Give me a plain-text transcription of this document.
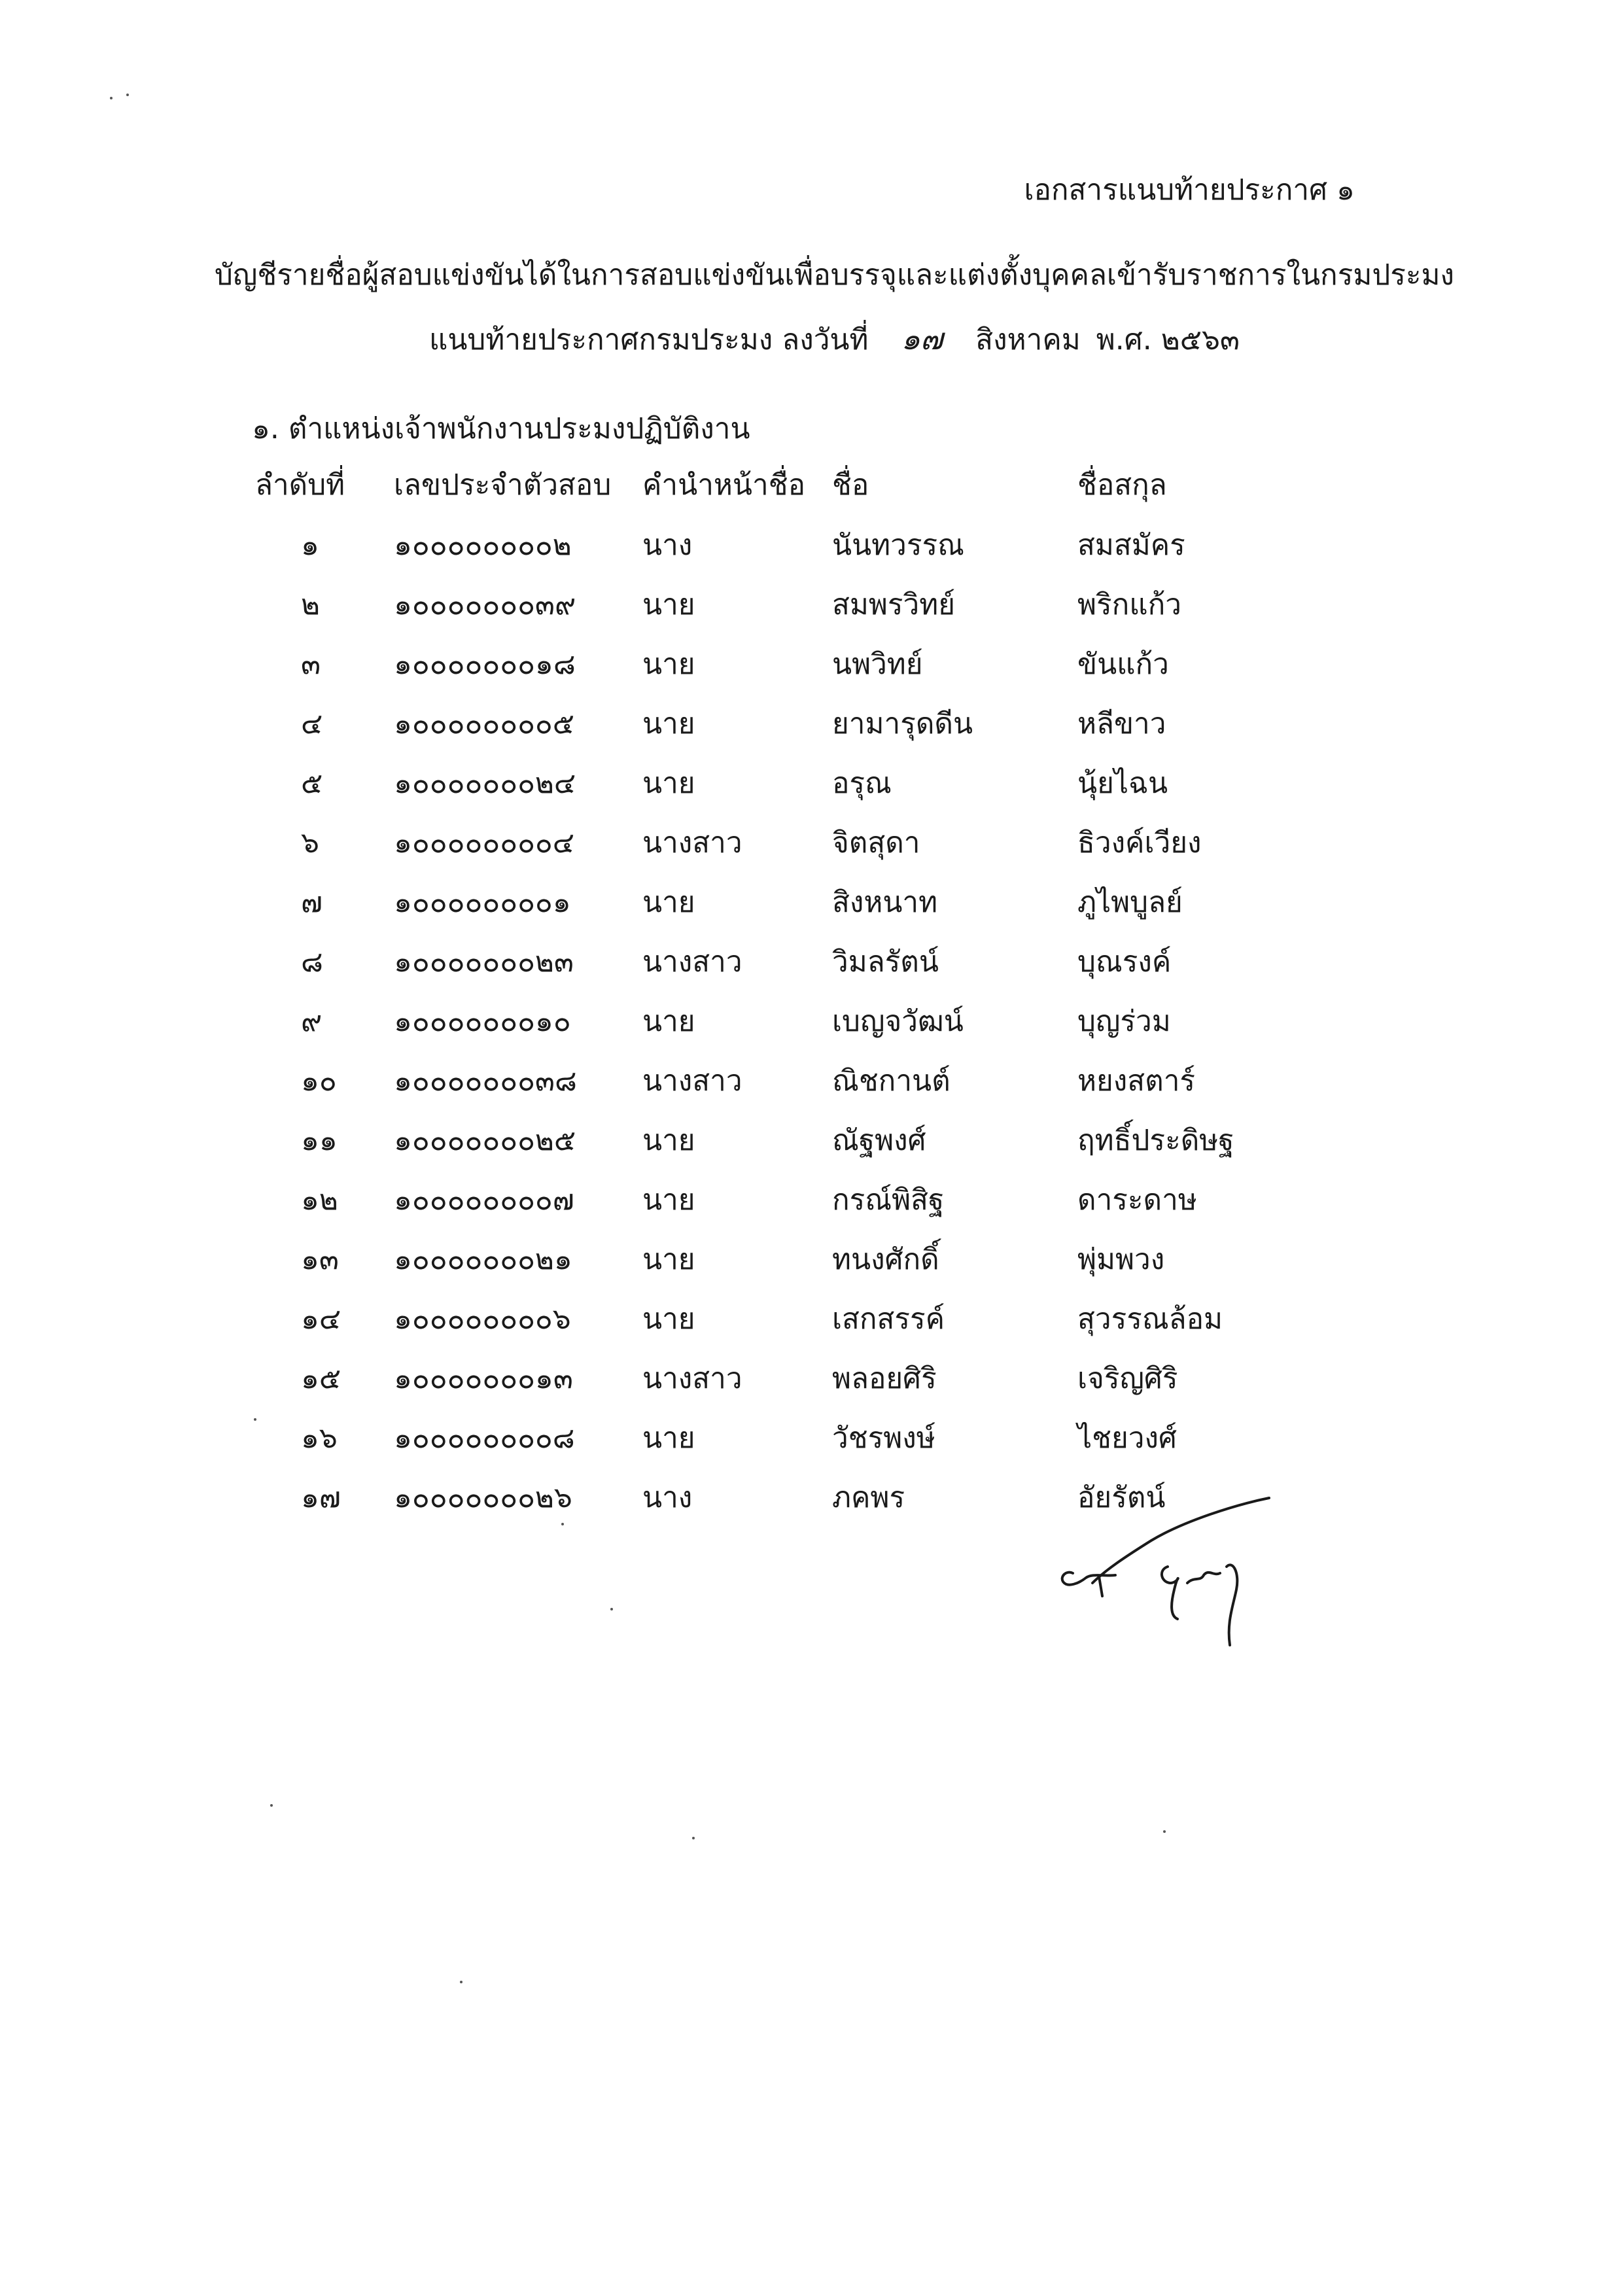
เอกสารแนบท้ายประกาศ ๑
บัญชีรายชื่อผู้สอบแข่งขันได้ในการสอบแข่งขันเพื่อบรรจุและแต่งตั้งบุคคลเข้ารับราชการในกรมประมง
แนบท้ายประกาศกรมประมง ลงวันที่ ๑๗ สิงหาคม พ.ศ. ๒๕๖๓
๑. ตำแหน่งเจ้าพนักงานประมงปฏิบัติงาน
ลำดับที่	เลขประจำตัวสอบ	คำนำหน้าชื่อ	ชื่อ	ชื่อสกุล
๑	๑๐๐๐๐๐๐๐๐๒	นาง	นันทวรรณ	สมสมัคร
๒	๑๐๐๐๐๐๐๐๓๙	นาย	สมพรวิทย์	พริกแก้ว
๓	๑๐๐๐๐๐๐๐๑๘	นาย	นพวิทย์	ขันแก้ว
๔	๑๐๐๐๐๐๐๐๐๕	นาย	ยามารุดดีน	หลีขาว
๕	๑๐๐๐๐๐๐๐๒๔	นาย	อรุณ	นุ้ยไฉน
๖	๑๐๐๐๐๐๐๐๐๔	นางสาว	จิตสุดา	ธิวงค์เวียง
๗	๑๐๐๐๐๐๐๐๐๑	นาย	สิงหนาท	ภูไพบูลย์
๘	๑๐๐๐๐๐๐๐๒๓	นางสาว	วิมลรัตน์	บุณรงค์
๙	๑๐๐๐๐๐๐๐๑๐	นาย	เบญจวัฒน์	บุญร่วม
๑๐	๑๐๐๐๐๐๐๐๓๘	นางสาว	ณิชกานต์	หยงสตาร์
๑๑	๑๐๐๐๐๐๐๐๒๕	นาย	ณัฐพงศ์	ฤทธิ์ประดิษฐ
๑๒	๑๐๐๐๐๐๐๐๐๗	นาย	กรณ์พิสิฐ	ดาระดาษ
๑๓	๑๐๐๐๐๐๐๐๒๑	นาย	ทนงศักดิ์	พุ่มพวง
๑๔	๑๐๐๐๐๐๐๐๐๖	นาย	เสกสรรค์	สุวรรณล้อม
๑๕	๑๐๐๐๐๐๐๐๑๓	นางสาว	พลอยศิริ	เจริญศิริ
๑๖	๑๐๐๐๐๐๐๐๐๘	นาย	วัชรพงษ์	ไชยวงศ์
๑๗	๑๐๐๐๐๐๐๐๒๖	นาง	ภคพร	อัยรัตน์
